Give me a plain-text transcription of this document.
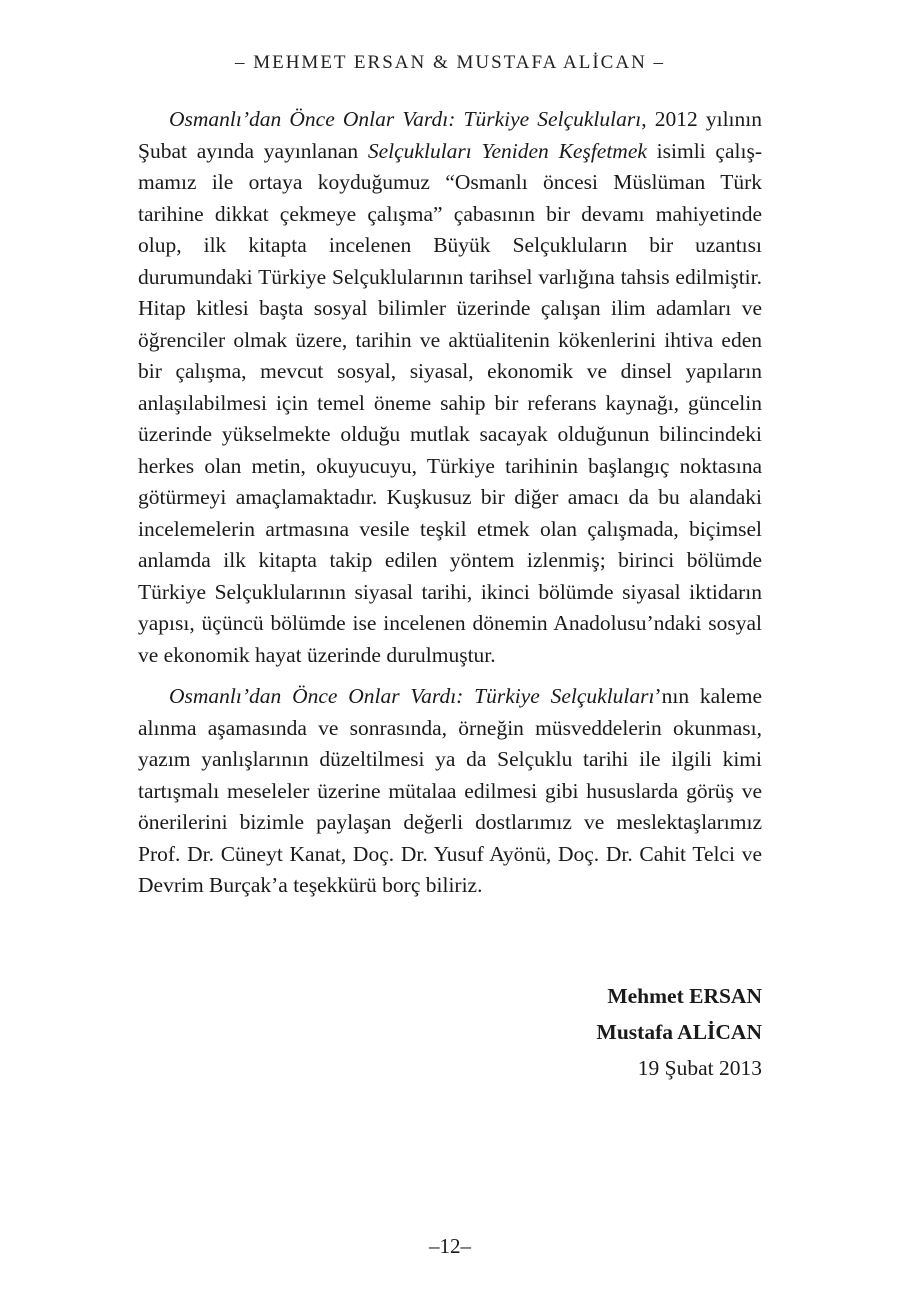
– MEHMET ERSAN & MUSTAFA ALİCAN –

Osmanlı’dan Önce Onlar Vardı: Türkiye Selçukluları, 2012 yılının Şubat ayında yayınlanan Selçukluları Yeniden Keşfetmek isimli çalışmamız ile ortaya koyduğumuz “Osmanlı öncesi Müslüman Türk tarihine dikkat çekmeye çalışma” çabasının bir devamı mahiyetinde olup, ilk kitapta incelenen Büyük Selçukluların bir uzantısı durumundaki Türkiye Selçuklularının tarihsel varlığına tahsis edilmiştir. Hitap kitlesi başta sosyal bilimler üzerinde çalışan ilim adamları ve öğrenciler olmak üzere, tarihin ve aktüalitenin kökenlerini ihtiva eden bir çalışma, mevcut sosyal, siyasal, ekonomik ve dinsel yapıların anlaşılabilmesi için temel öneme sahip bir referans kaynağı, güncelin üzerinde yükselmekte olduğu mutlak sacayak olduğunun bilincindeki herkes olan metin, okuyucuyu, Türkiye tarihinin başlangıç noktasına götürmeyi amaçlamaktadır. Kuşkusuz bir diğer amacı da bu alandaki incelemelerin artmasına vesile teşkil etmek olan çalışmada, biçimsel anlamda ilk kitapta takip edilen yöntem izlenmiş; birinci bölümde Türkiye Selçuklularının siyasal tarihi, ikinci bölümde siyasal iktidarın yapısı, üçüncü bölümde ise incelenen dönemin Anadolusu’ndaki sosyal ve ekonomik hayat üzerinde durulmuştur.

Osmanlı’dan Önce Onlar Vardı: Türkiye Selçukluları’nın kaleme alınma aşamasında ve sonrasında, örneğin müsveddelerin okunması, yazım yanlışlarının düzeltilmesi ya da Selçuklu tarihi ile ilgili kimi tartışmalı meseleler üzerine mütalaa edilmesi gibi hususlarda görüş ve önerilerini bizimle paylaşan değerli dostlarımız ve meslektaşlarımız Prof. Dr. Cüneyt Kanat, Doç. Dr. Yusuf Ayönü, Doç. Dr. Cahit Telci ve Devrim Burçak’a teşekkürü borç biliriz.

Mehmet ERSAN
Mustafa ALİCAN
19 Şubat 2013
–12–
